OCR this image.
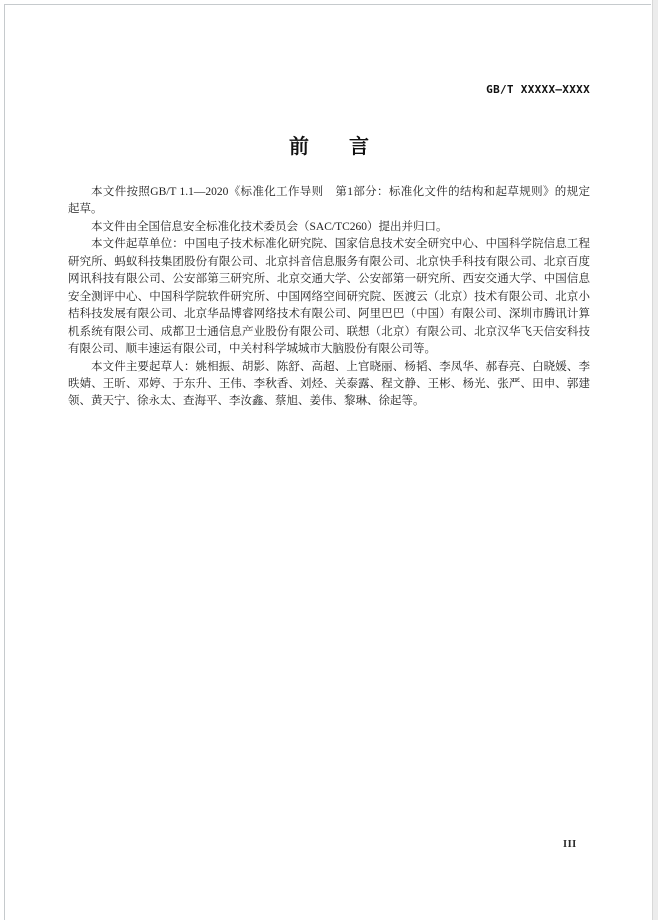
GB/T XXXXX—XXXX
前　　言
本文件按照GB/T 1.1—2020《标准化工作导则　第1部分：标准化文件的结构和起草规则》的规定
起草。
本文件由全国信息安全标准化技术委员会（SAC/TC260）提出并归口。
本文件起草单位：中国电子技术标准化研究院、国家信息技术安全研究中心、中国科学院信息工程
研究所、蚂蚁科技集团股份有限公司、北京抖音信息服务有限公司、北京快手科技有限公司、北京百度
网讯科技有限公司、公安部第三研究所、北京交通大学、公安部第一研究所、西安交通大学、中国信息
安全测评中心、中国科学院软件研究所、中国网络空间研究院、医渡云（北京）技术有限公司、北京小
桔科技发展有限公司、北京华品博睿网络技术有限公司、阿里巴巴（中国）有限公司、深圳市腾讯计算
机系统有限公司、成都卫士通信息产业股份有限公司、联想（北京）有限公司、北京汉华飞天信安科技
有限公司、顺丰速运有限公司，中关村科学城城市大脑股份有限公司等。
本文件主要起草人：姚相振、胡影、陈舒、高超、上官晓丽、杨韬、李凤华、郝春亮、白晓媛、李
昳婧、王昕、邓婷、于东升、王伟、李秋香、刘烃、关泰露、程文静、王彬、杨光、张严、田申、郭建
领、黄天宁、徐永太、查海平、李汝鑫、蔡旭、姜伟、黎琳、徐起等。
III
